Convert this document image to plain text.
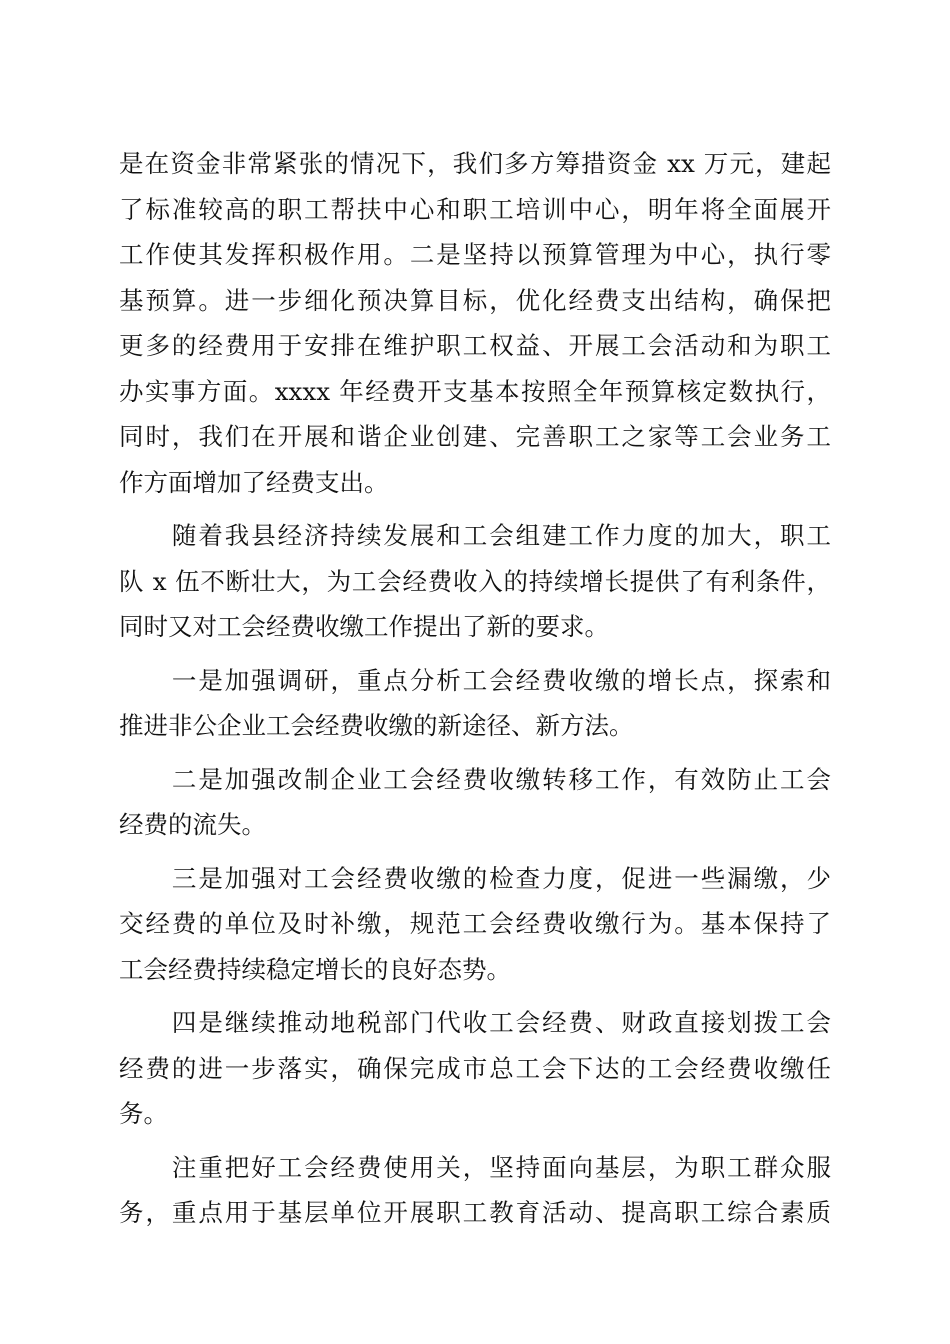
是在资金非常紧张的情况下，我们多方筹措资金 xx 万元，建起
了标准较高的职工帮扶中心和职工培训中心，明年将全面展开
工作使其发挥积极作用。二是坚持以预算管理为中心，执行零
基预算。进一步细化预决算目标，优化经费支出结构，确保把
更多的经费用于安排在维护职工权益、开展工会活动和为职工
办实事方面。xxxx 年经费开支基本按照全年预算核定数执行，
同时，我们在开展和谐企业创建、完善职工之家等工会业务工
作方面增加了经费支出。
　　随着我县经济持续发展和工会组建工作力度的加大，职工
队 x 伍不断壮大，为工会经费收入的持续增长提供了有利条件，
同时又对工会经费收缴工作提出了新的要求。
　　一是加强调研，重点分析工会经费收缴的增长点，探索和
推进非公企业工会经费收缴的新途径、新方法。
　　二是加强改制企业工会经费收缴转移工作，有效防止工会
经费的流失。
　　三是加强对工会经费收缴的检查力度，促进一些漏缴，少
交经费的单位及时补缴，规范工会经费收缴行为。基本保持了
工会经费持续稳定增长的良好态势。
　　四是继续推动地税部门代收工会经费、财政直接划拨工会
经费的进一步落实，确保完成市总工会下达的工会经费收缴任
务。
　　注重把好工会经费使用关，坚持面向基层，为职工群众服
务，重点用于基层单位开展职工教育活动、提高职工综合素质
